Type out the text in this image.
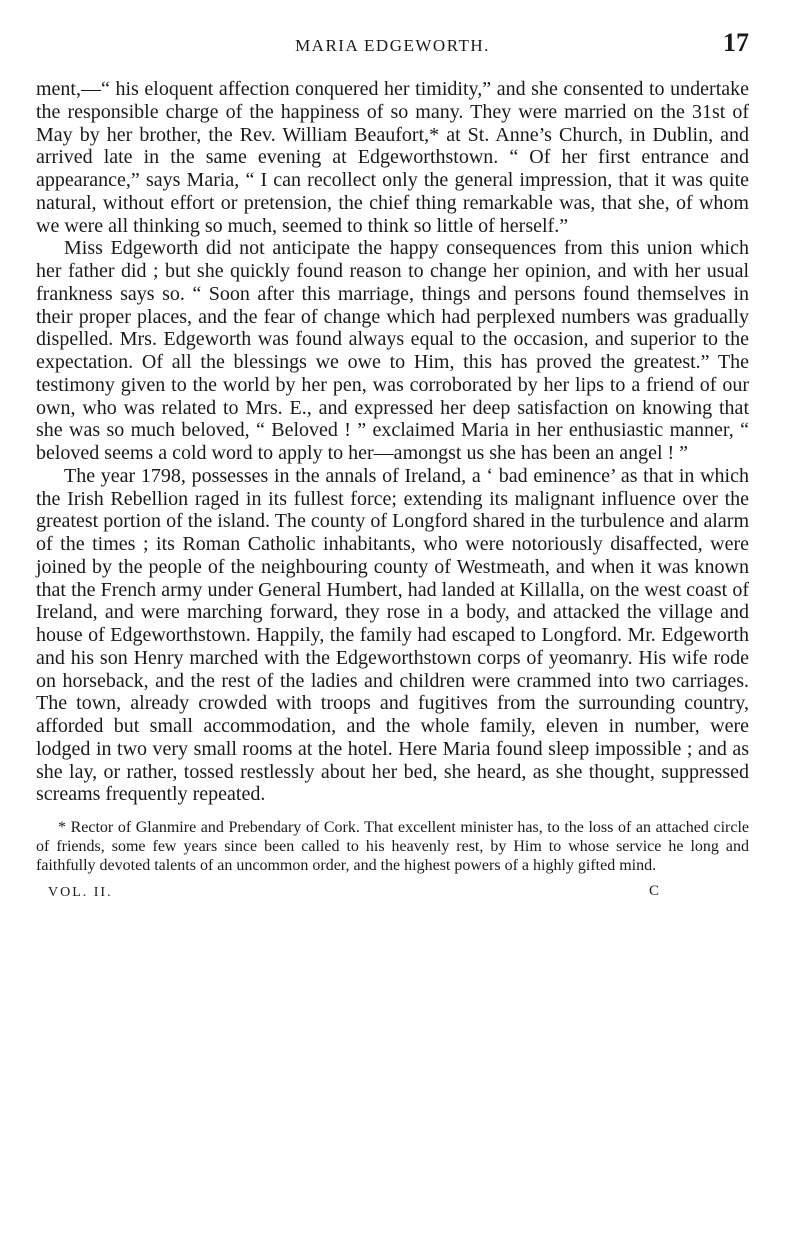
MARIA EDGEWORTH.	17

ment,—“ his eloquent affection conquered her timidity,” and she consented to undertake the responsible charge of the happiness of so many. They were married on the 31st of May by her brother, the Rev. William Beaufort,* at St. Anne’s Church, in Dublin, and arrived late in the same evening at Edgeworthstown. “ Of her first entrance and appearance,” says Maria, “ I can recollect only the general impression, that it was quite natural, without effort or pretension, the chief thing remarkable was, that she, of whom we were all thinking so much, seemed to think so little of herself.”

Miss Edgeworth did not anticipate the happy consequences from this union which her father did ; but she quickly found reason to change her opinion, and with her usual frankness says so. “ Soon after this marriage, things and persons found themselves in their proper places, and the fear of change which had perplexed numbers was gradually dispelled. Mrs. Edgeworth was found always equal to the occasion, and superior to the expectation. Of all the blessings we owe to Him, this has proved the greatest.” The testimony given to the world by her pen, was corroborated by her lips to a friend of our own, who was related to Mrs. E., and expressed her deep satisfaction on knowing that she was so much beloved, “ Beloved ! ” exclaimed Maria in her enthusiastic manner, “ beloved seems a cold word to apply to her—amongst us she has been an angel ! ”

The year 1798, possesses in the annals of Ireland, a ‘ bad eminence’ as that in which the Irish Rebellion raged in its fullest force; extending its malignant influence over the greatest portion of the island. The county of Longford shared in the turbulence and alarm of the times ; its Roman Catholic inhabitants, who were notoriously disaffected, were joined by the people of the neighbouring county of Westmeath, and when it was known that the French army under General Humbert, had landed at Killalla, on the west coast of Ireland, and were marching forward, they rose in a body, and attacked the village and house of Edgeworthstown. Happily, the family had escaped to Longford. Mr. Edgeworth and his son Henry marched with the Edgeworthstown corps of yeomanry. His wife rode on horseback, and the rest of the ladies and children were crammed into two carriages. The town, already crowded with troops and fugitives from the surrounding country, afforded but small accommodation, and the whole family, eleven in number, were lodged in two very small rooms at the hotel. Here Maria found sleep impossible ; and as she lay, or rather, tossed restlessly about her bed, she heard, as she thought, suppressed screams frequently repeated.

* Rector of Glanmire and Prebendary of Cork. That excellent minister has, to the loss of an attached circle of friends, some few years since been called to his heavenly rest, by Him to whose service he long and faithfully devoted talents of an uncommon order, and the highest powers of a highly gifted mind.

VOL. II.	C
